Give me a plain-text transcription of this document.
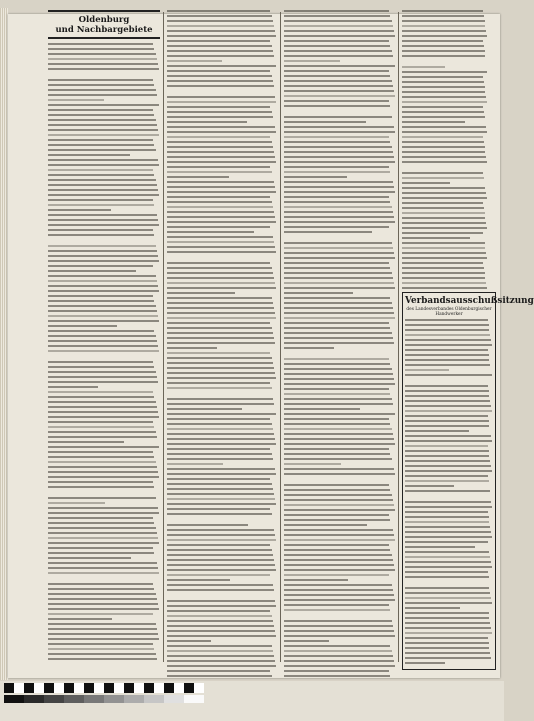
Oldenburg
und Nachbargebiete
Verbandsausschußsitzung
des Landesverbandes Oldenburgischer Handwerker
